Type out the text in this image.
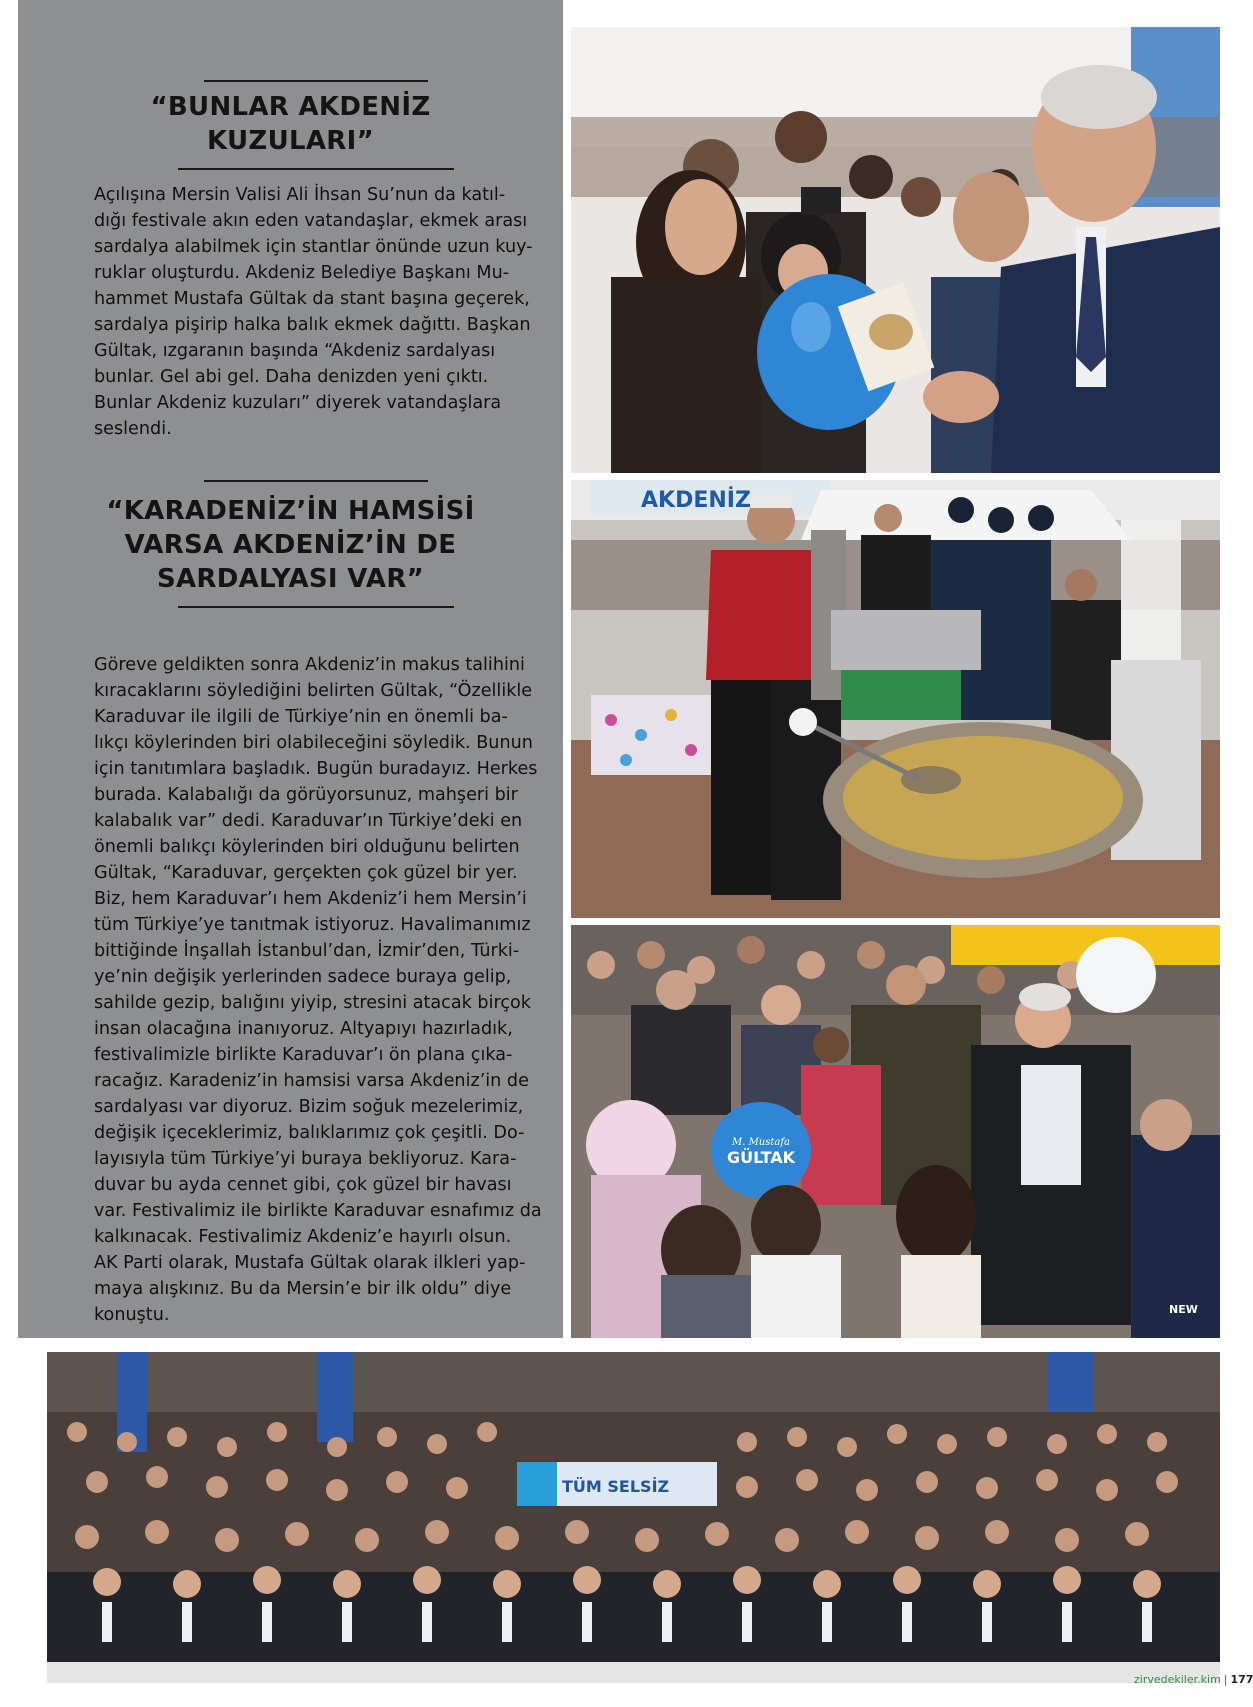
“BUNLAR AKDENİZ
KUZULARI”
Açılışına Mersin Valisi Ali İhsan Su’nun da katıl-
dığı festivale akın eden vatandaşlar, ekmek arası
sardalya alabilmek için stantlar önünde uzun kuy-
ruklar oluşturdu. Akdeniz Belediye Başkanı Mu-
hammet Mustafa Gültak da stant başına geçerek,
sardalya pişirip halka balık ekmek dağıttı. Başkan
Gültak, ızgaranın başında “Akdeniz sardalyası
bunlar. Gel abi gel. Daha denizden yeni çıktı.
Bunlar Akdeniz kuzuları” diyerek vatandaşlara
seslendi.
“KARADENİZ’İN HAMSİSİ
VARSA AKDENİZ’İN DE
SARDALYASI VAR”
Göreve geldikten sonra Akdeniz’in makus talihini
kıracaklarını söylediğini belirten Gültak, “Özellikle
Karaduvar ile ilgili de Türkiye’nin en önemli ba-
lıkçı köylerinden biri olabileceğini söyledik. Bunun
için tanıtımlara başladık. Bugün buradayız. Herkes
burada. Kalabalığı da görüyorsunuz, mahşeri bir
kalabalık var” dedi. Karaduvar’ın Türkiye’deki en
önemli balıkçı köylerinden biri olduğunu belirten
Gültak, “Karaduvar, gerçekten çok güzel bir yer.
Biz, hem Karaduvar’ı hem Akdeniz’i hem Mersin’i
tüm Türkiye’ye tanıtmak istiyoruz. Havalimanımız
bittiğinde İnşallah İstanbul’dan, İzmir’den, Türki-
ye’nin değişik yerlerinden sadece buraya gelip,
sahilde gezip, balığını yiyip, stresini atacak birçok
insan olacağına inanıyoruz. Altyapıyı hazırladık,
festivalimizle birlikte Karaduvar’ı ön plana çıka-
racağız. Karadeniz’in hamsisi varsa Akdeniz’in de
sardalyası var diyoruz. Bizim soğuk mezelerimiz,
değişik içeceklerimiz, balıklarımız çok çeşitli. Do-
layısıyla tüm Türkiye’yi buraya bekliyoruz. Kara-
duvar bu ayda cennet gibi, çok güzel bir havası
var. Festivalimiz ile birlikte Karaduvar esnafımız da
kalkınacak. Festivalimiz Akdeniz’e hayırlı olsun.
AK Parti olarak, Mustafa Gültak olarak ilkleri yap-
maya alışkınız. Bu da Mersin’e bir ilk oldu” diye
konuştu.
AKDENİZ
M. Mustafa
GÜLTAK
NEW
TÜM SELSİZ
zirvedekiler.kim | 177
